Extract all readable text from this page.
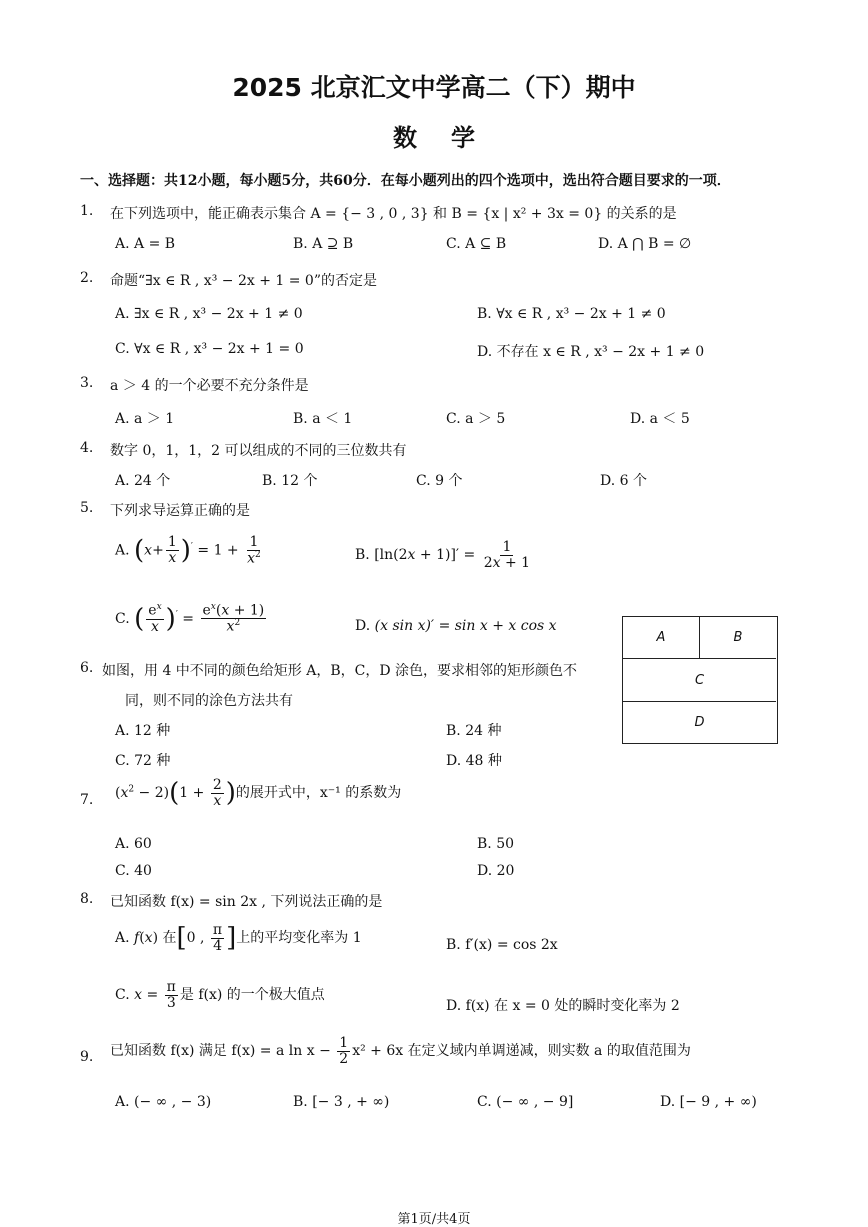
2025 北京汇文中学高二（下）期中
数学
一、选择题：共12小题，每小题5分，共60分．在每小题列出的四个选项中，选出符合题目要求的一项．
1. 在下列选项中，能正确表示集合 A = {− 3 , 0 , 3} 和 B = {x | x² + 3x = 0} 的关系的是
A. A = B	B. A ⊇ B	C. A ⊆ B	D. A ⋂ B = ∅
2. 命题“∃x ∈ R , x³ − 2x + 1 = 0”的否定是
A. ∃x ∈ R , x³ − 2x + 1 ≠ 0	B. ∀x ∈ R , x³ − 2x + 1 ≠ 0
C. ∀x ∈ R , x³ − 2x + 1 = 0	D. 不存在 x ∈ R , x³ − 2x + 1 ≠ 0
3. a ＞ 4 的一个必要不充分条件是
A. a ＞ 1	B. a ＜ 1	C. a ＞ 5	D. a ＜ 5
4. 数字 0，1，1，2 可以组成的不同的三位数共有
A. 24 个	B. 12 个	C. 9 个	D. 6 个
5. 下列求导运算正确的是
A. $(x+ \frac{1}{x} )' = 1 + \frac{1}{x^2}$	B. $[\ln(2x + 1)]' = \frac{1}{2x + 1}$
C. ( $\frac{e^x}{x} )' = \frac{e^x(x + 1)}{x^2}$	D. (x sin x)′ = sin x + x cos x
A	B
C
D
6. 如图，用 4 中不同的颜色给矩形 A，B，C，D 涂色，要求相邻的矩形颜色不
同，则不同的涂色方法共有
A. 12 种	B. 24 种
C. 72 种	D. 48 种
7. $(x^2 - 2)(1 + \frac{2}{x}$ )的展开式中，x⁻¹ 的系数为
A. 60	B. 50
C. 40	D. 20
8. 已知函数 f(x) = sin 2x , 下列说法正确的是
A. f(x) 在[0 , $\frac{\pi}{4}$ ]上的平均变化率为 1	B. f′(x) = cos 2x
C. $x = \frac{\pi}{3}$ 是 f(x) 的一个极大值点
D. f(x) 在 x = 0 处的瞬时变化率为 2
9. 已知函数 f(x) 满足 f(x) = a $\ln x - \frac{1}{2} x^2 + 6x$ 在定义域内单调递减，则实数 a 的取值范围为
A. (− ∞ , − 3)	B. [− 3 , + ∞)	C. (− ∞ , − 9]	D. [− 9 , + ∞)
第1页/共4页
